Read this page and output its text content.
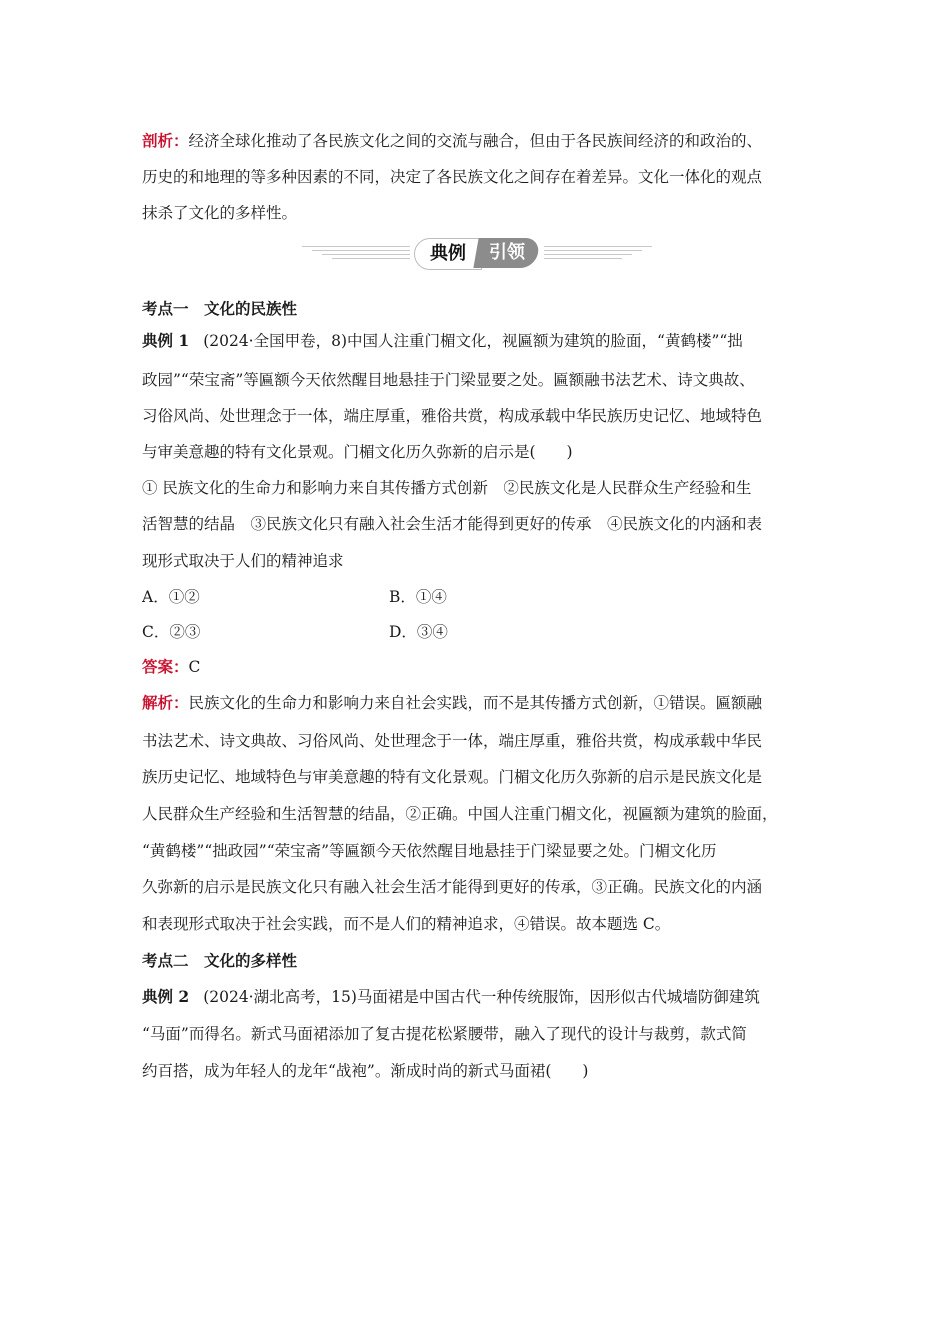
剖析：经济全球化推动了各民族文化之间的交流与融合，但由于各民族间经济的和政治的、
历史的和地理的等多种因素的不同，决定了各民族文化之间存在着差异。文化一体化的观点
抹杀了文化的多样性。
典例	引领
考点一　文化的民族性
典例 1 (2024·全国甲卷，8)中国人注重门楣文化，视匾额为建筑的脸面，“黄鹤楼”“拙
政园”“荣宝斋”等匾额今天依然醒目地悬挂于门梁显要之处。匾额融书法艺术、诗文典故、
习俗风尚、处世理念于一体，端庄厚重，雅俗共赏，构成承载中华民族历史记忆、地域特色
与审美意趣的特有文化景观。门楣文化历久弥新的启示是(　　)
① 民族文化的生命力和影响力来自其传播方式创新　②民族文化是人民群众生产经验和生
活智慧的结晶　③民族文化只有融入社会生活才能得到更好的传承　④民族文化的内涵和表
现形式取决于人们的精神追求
A．①②	B．①④
C．②③	D．③④
答案：C
解析：民族文化的生命力和影响力来自社会实践，而不是其传播方式创新，①错误。匾额融
书法艺术、诗文典故、习俗风尚、处世理念于一体，端庄厚重，雅俗共赏，构成承载中华民
族历史记忆、地域特色与审美意趣的特有文化景观。门楣文化历久弥新的启示是民族文化是
人民群众生产经验和生活智慧的结晶，②正确。中国人注重门楣文化，视匾额为建筑的脸面，
“黄鹤楼”“拙政园”“荣宝斋”等匾额今天依然醒目地悬挂于门梁显要之处。门楣文化历
久弥新的启示是民族文化只有融入社会生活才能得到更好的传承，③正确。民族文化的内涵
和表现形式取决于社会实践，而不是人们的精神追求，④错误。故本题选 C。
考点二　文化的多样性
典例 2 (2024·湖北高考，15)马面裙是中国古代一种传统服饰，因形似古代城墙防御建筑
“马面”而得名。新式马面裙添加了复古提花松紧腰带，融入了现代的设计与裁剪，款式简
约百搭，成为年轻人的龙年“战袍”。渐成时尚的新式马面裙(　　)
